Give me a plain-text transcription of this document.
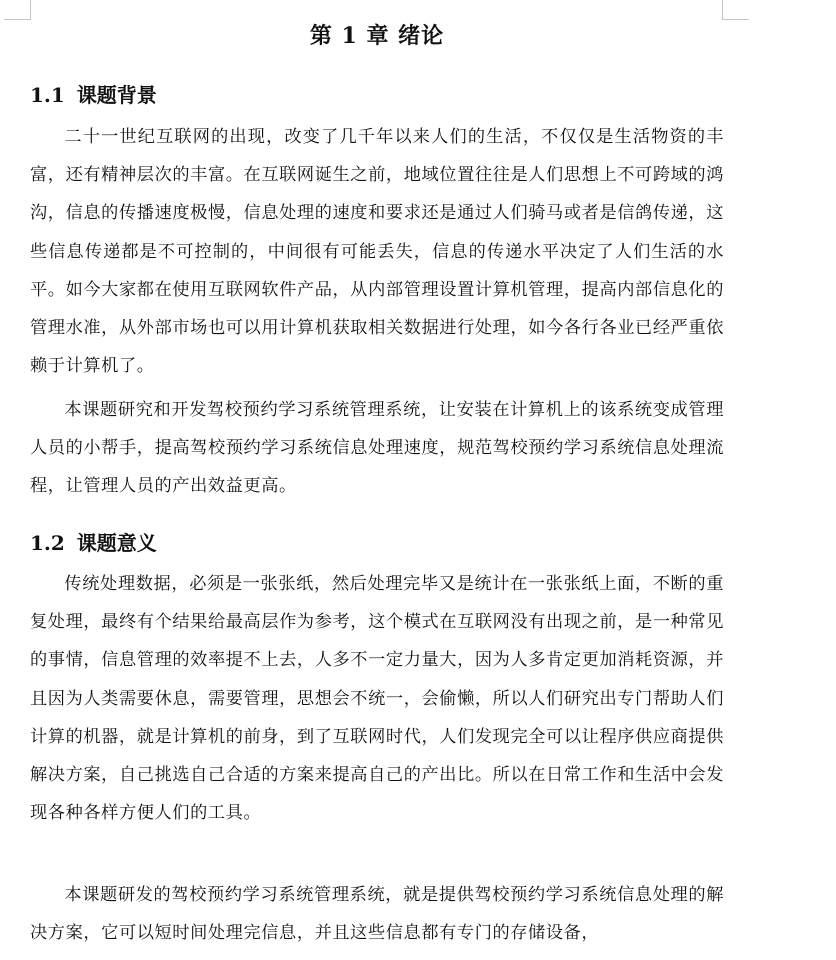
第 1 章 绪论
1.1 课题背景

二十一世纪互联网的出现，改变了几千年以来人们的生活，不仅仅是生活物资的丰富，还有精神层次的丰富。在互联网诞生之前，地域位置往往是人们思想上不可跨域的鸿沟，信息的传播速度极慢，信息处理的速度和要求还是通过人们骑马或者是信鸽传递，这些信息传递都是不可控制的，中间很有可能丢失，信息的传递水平决定了人们生活的水平。如今大家都在使用互联网软件产品，从内部管理设置计算机管理，提高内部信息化的管理水准，从外部市场也可以用计算机获取相关数据进行处理，如今各行各业已经严重依赖于计算机了。

本课题研究和开发驾校预约学习系统管理系统，让安装在计算机上的该系统变成管理人员的小帮手，提高驾校预约学习系统信息处理速度，规范驾校预约学习系统信息处理流程，让管理人员的产出效益更高。

1.2 课题意义

传统处理数据，必须是一张张纸，然后处理完毕又是统计在一张张纸上面，不断的重复处理，最终有个结果给最高层作为参考，这个模式在互联网没有出现之前，是一种常见的事情，信息管理的效率提不上去，人多不一定力量大，因为人多肯定更加消耗资源，并且因为人类需要休息，需要管理，思想会不统一，会偷懒，所以人们研究出专门帮助人们计算的机器，就是计算机的前身，到了互联网时代，人们发现完全可以让程序供应商提供解决方案，自己挑选自己合适的方案来提高自己的产出比。所以在日常工作和生活中会发现各种各样方便人们的工具。

本课题研发的驾校预约学习系统管理系统，就是提供驾校预约学习系统信息处理的解决方案，它可以短时间处理完信息，并且这些信息都有专门的存储设备，
